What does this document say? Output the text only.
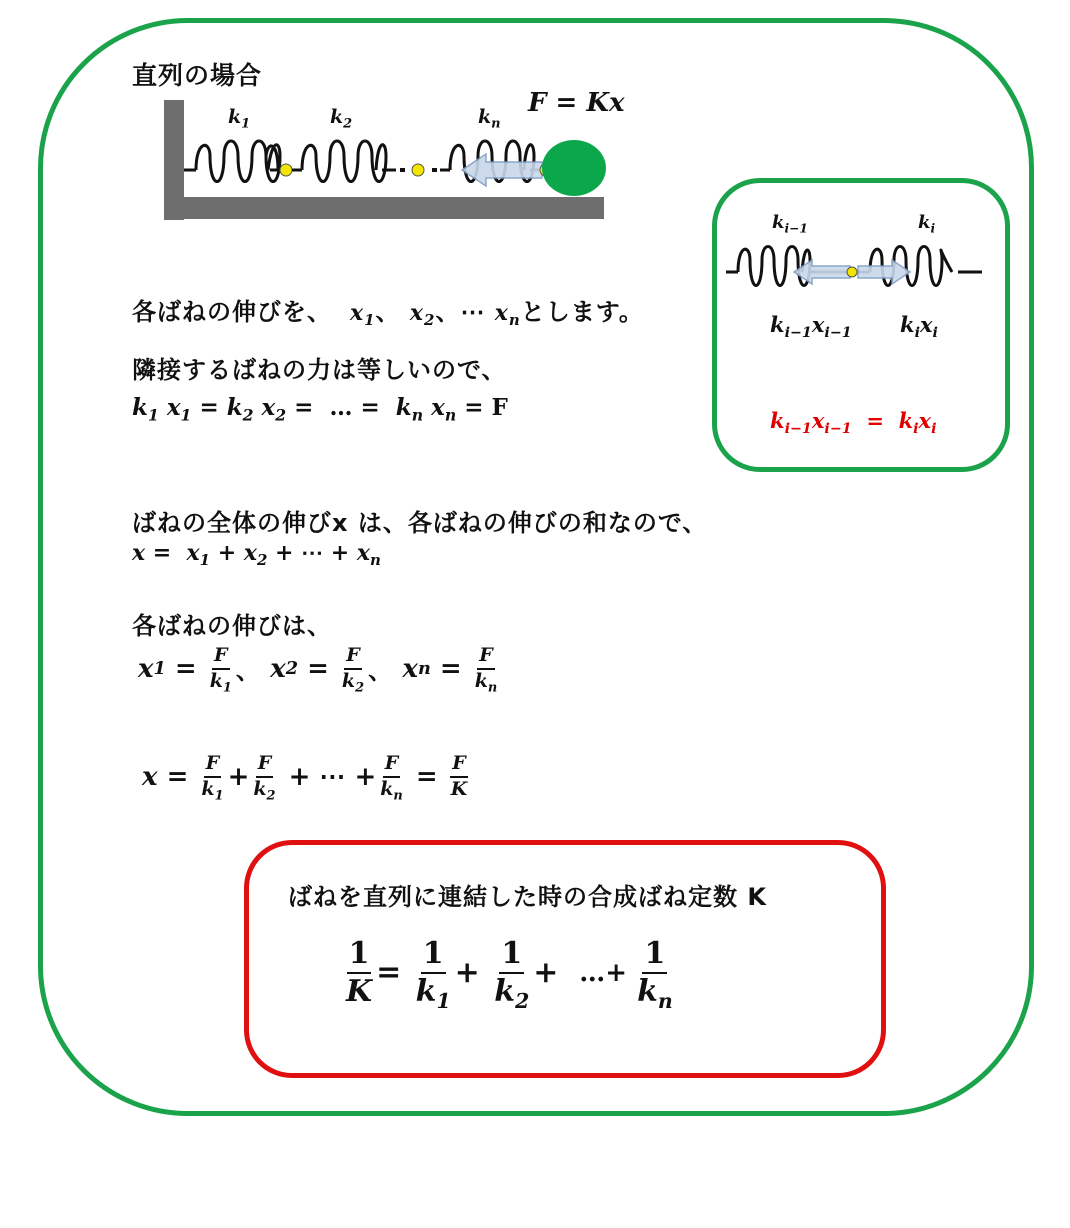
直列の場合
$k_1$	$k_2$	$k_n$
F = Kx
$k_{i-1}$	$k_i$
$k_{i-1}x_{i-1}$ $k_ix_i$
$k_{i-1}x_{i-1} = k_ix_i$
各ばねの伸びを、  $x_1$、 $x_2$、⋯ $x_n$とします。
隣接するばねの力は等しいので、
$k_1$ $x_1 = k_2$ $x_2$ =  … =  $k_n$ $x_n = F$
ばねの全体の伸びx は、各ばねの伸びの和なので、
$x = x_1 + x_2$ + ⋯ + $x_n$
各ばねの伸びは、
x $1 = \frac{F}{k_1}$ 、 x $2 = \frac{F}{k_2}$ 、 x $n = \frac{F}{k_n}$
$x = \frac{F}{k_1} + \frac{F}{k_2}$ + ⋯ + $\frac{F}{k_n} = \frac{F}{K}$
ばねを直列に連結した時の合成ばね定数 K
$\frac{1}{K} = \frac{1}{k_1} + \frac{1}{k_2}$ + …+ $\frac{1}{k_n}$
